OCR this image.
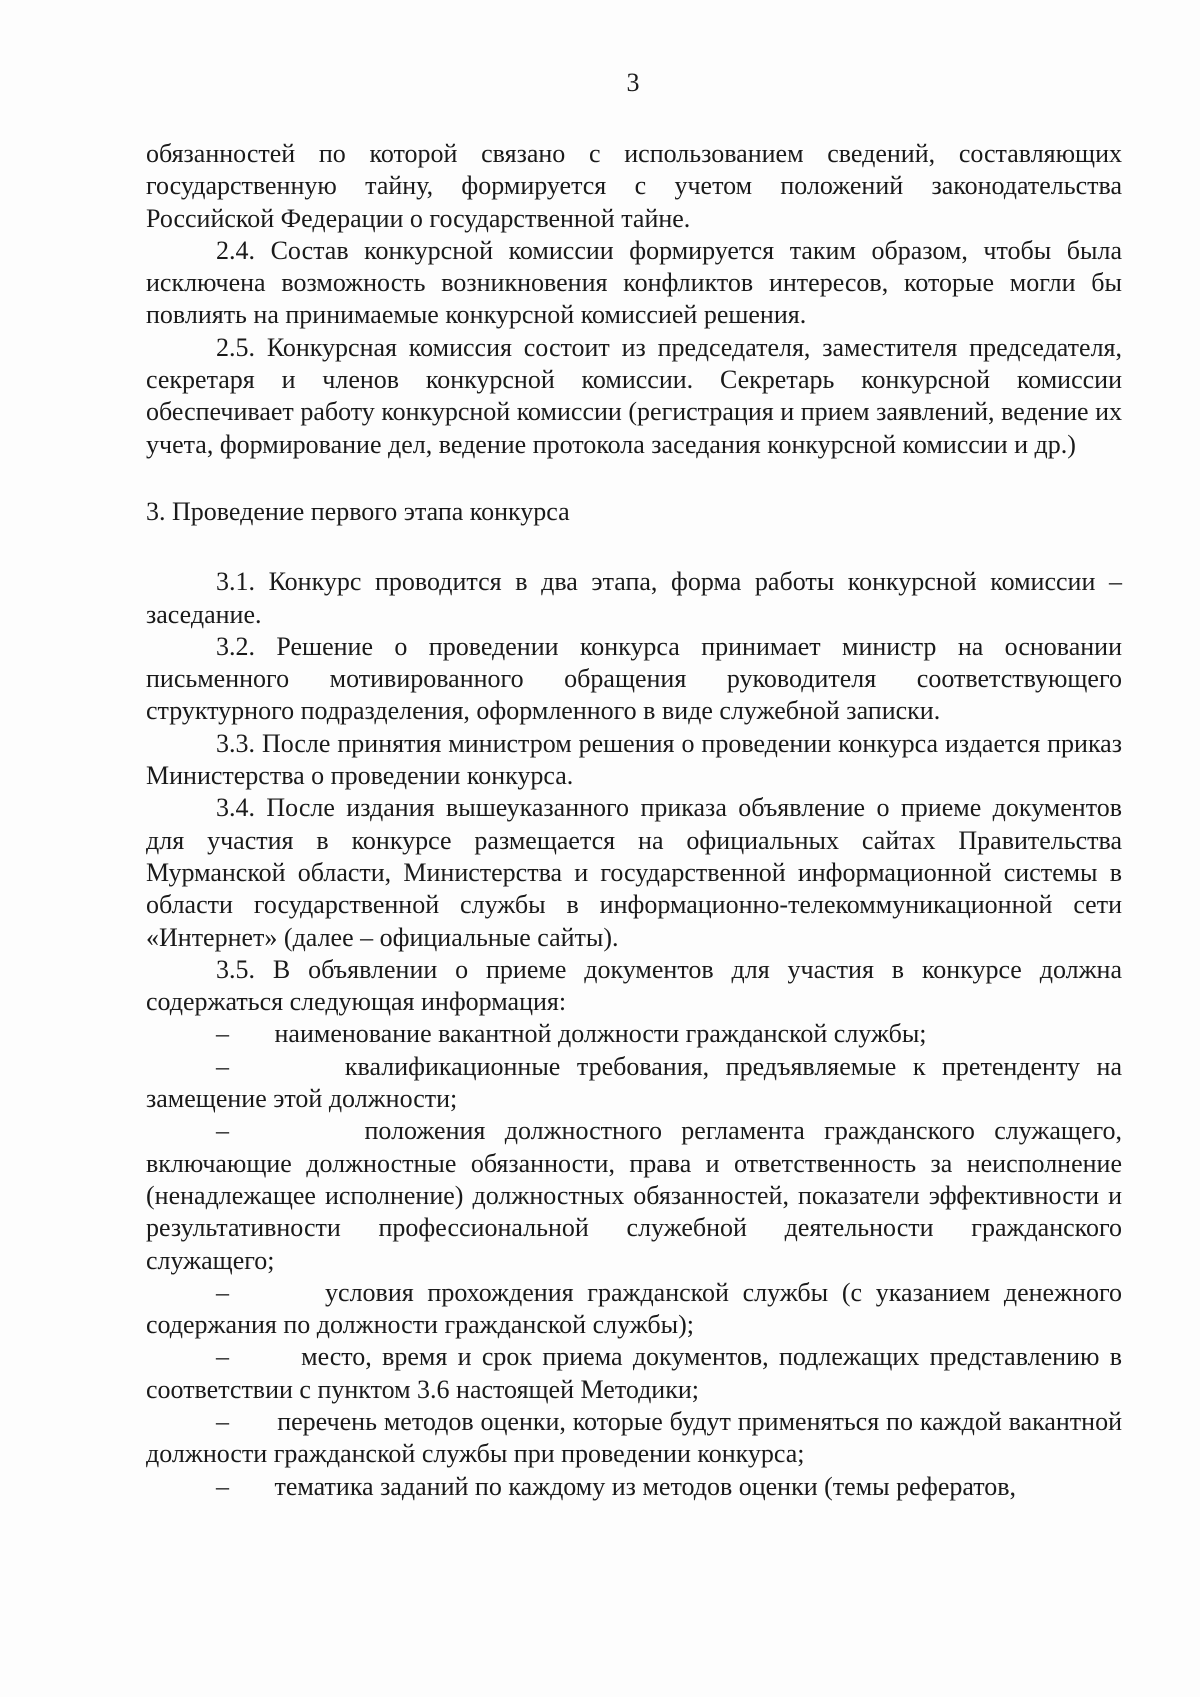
3

обязанностей по которой связано с использованием сведений, составляющих государственную тайну, формируется с учетом положений законодательства Российской Федерации о государственной тайне.

2.4. Состав конкурсной комиссии формируется таким образом, чтобы была исключена возможность возникновения конфликтов интересов, которые могли бы повлиять на принимаемые конкурсной комиссией решения.

2.5. Конкурсная комиссия состоит из председателя, заместителя председателя, секретаря и членов конкурсной комиссии. Секретарь конкурсной комиссии обеспечивает работу конкурсной комиссии (регистрация и прием заявлений, ведение их учета, формирование дел, ведение протокола заседания конкурсной комиссии и др.)

3. Проведение первого этапа конкурса

3.1. Конкурс проводится в два этапа, форма работы конкурсной комиссии – заседание.

3.2. Решение о проведении конкурса принимает министр на основании письменного мотивированного обращения руководителя соответствующего структурного подразделения, оформленного в виде служебной записки.

3.3. После принятия министром решения о проведении конкурса издается приказ Министерства о проведении конкурса.

3.4. После издания вышеуказанного приказа объявление о приеме документов для участия в конкурсе размещается на официальных сайтах Правительства Мурманской области, Министерства и государственной информационной системы в области государственной службы в информационно-телекоммуникационной сети «Интернет» (далее – официальные сайты).

3.5. В объявлении о приеме документов для участия в конкурсе должна содержаться следующая информация:

– наименование вакантной должности гражданской службы;

–	квалификационные требования, предъявляемые к претенденту на замещение этой должности;

–	положения должностного регламента гражданского служащего, включающие должностные обязанности, права и ответственность за неисполнение (ненадлежащее исполнение) должностных обязанностей, показатели эффективности и результативности профессиональной служебной деятельности гражданского служащего;

–	условия прохождения гражданской службы (с указанием денежного содержания по должности гражданской службы);

–	место, время и срок приема документов, подлежащих представлению в соответствии с пунктом 3.6 настоящей Методики;

– перечень методов оценки, которые будут применяться по каждой вакантной должности гражданской службы при проведении конкурса;

– тематика заданий по каждому из методов оценки (темы рефератов,
